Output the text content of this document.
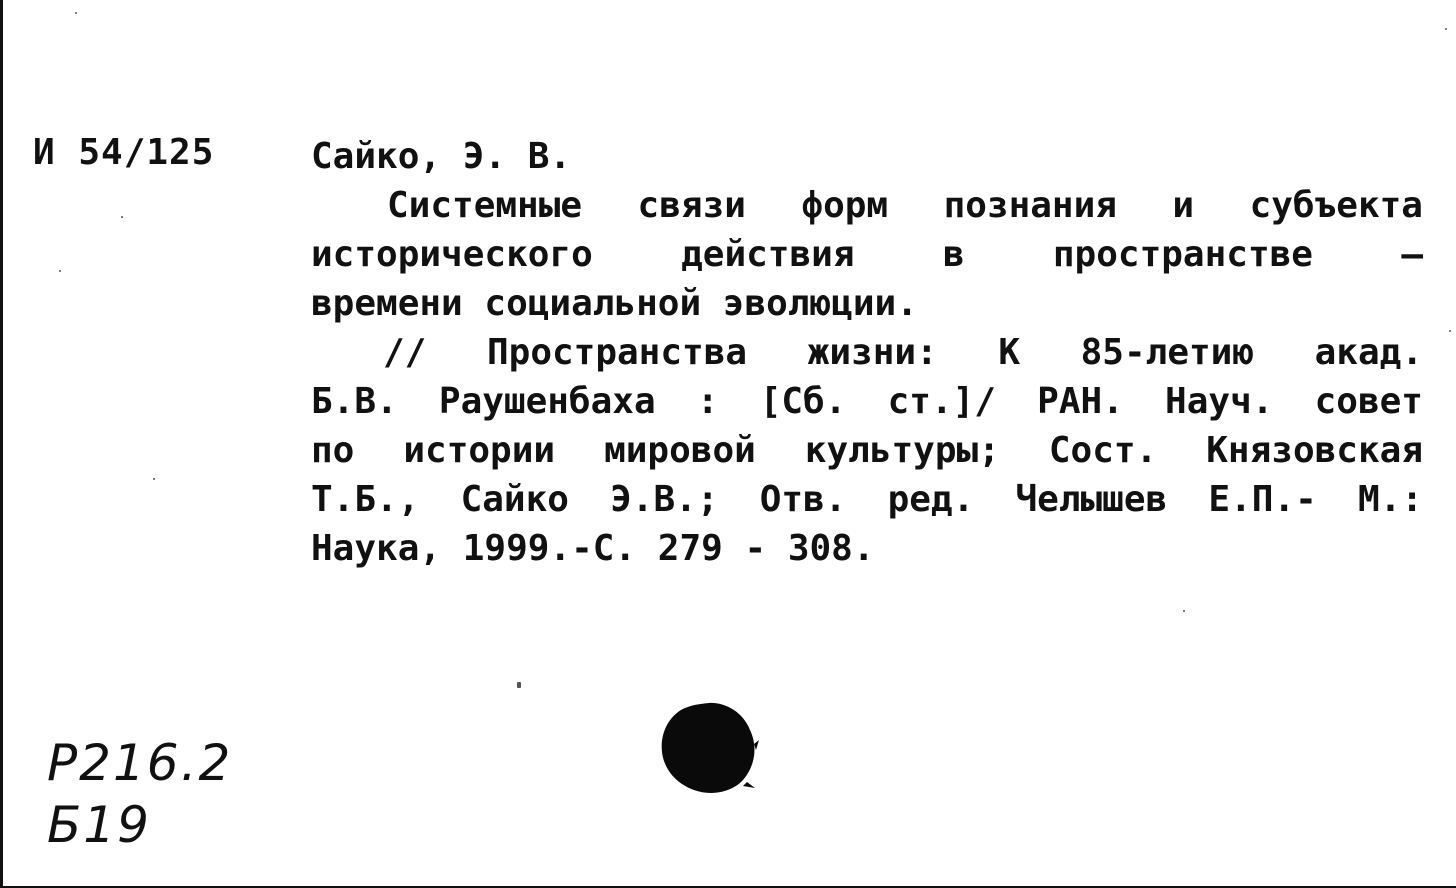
И 54/125	Сайко, Э. В.
Системные связи форм познания и субъекта
исторического действия в пространстве –
времени социальной эволюции.
// Пространства жизни: К 85-летию акад.
Б.В. Раушенбаха : [Сб. ст.]/ РАН. Науч. совет
по истории мировой культуры; Сост. Князовская
Т.Б., Сайко Э.В.; Отв. ред. Челышев Е.П.- М.:
Наука, 1999.-С. 279 - 308.
Р216.2
Б19
